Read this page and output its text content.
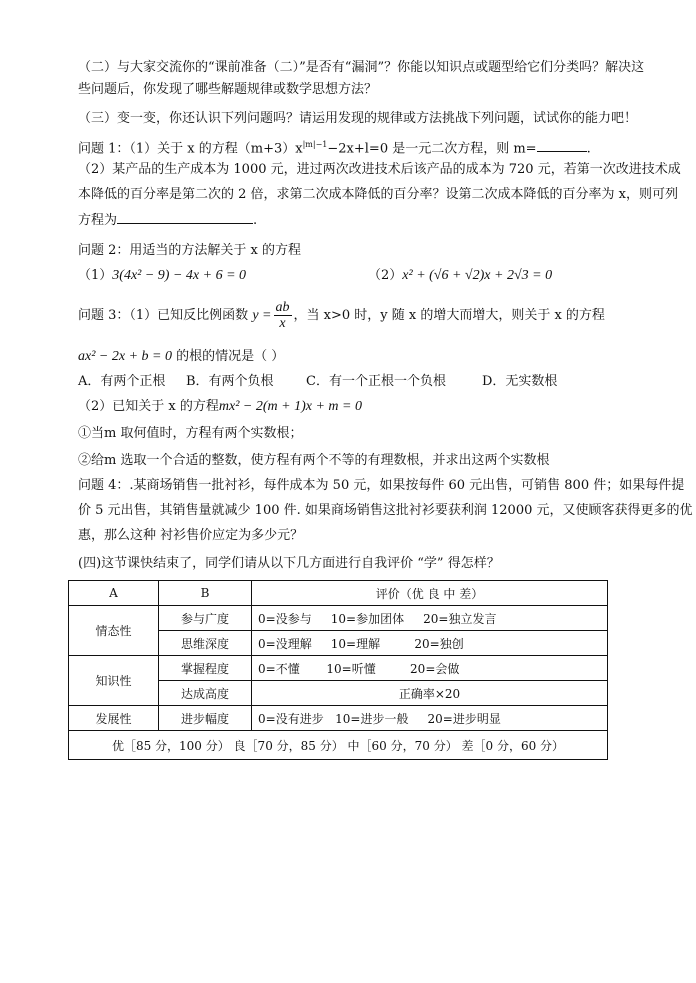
（二）与大家交流你的“课前准备（二）”是否有“漏洞”？你能以知识点或题型给它们分类吗？解决这
些问题后，你发现了哪些解题规律或数学思想方法？
（三）变一变，你还认识下列问题吗？请运用发现的规律或方法挑战下列问题，试试你的能力吧！
问题 1：（1）关于 x 的方程$(m+3)x^{|m|-1}-2x+l=0$ 是一元二次方程，则 m=	.
（2）某产品的生产成本为 1000 元，进过两次改进技术后该产品的成本为 720 元，若第一次改进技术成
本降低的百分率是第二次的 2 倍，求第二次成本降低的百分率？设第二次成本降低的百分率为 x，则可列
方程为	.
问题 2：用适当的方法解关于 x 的方程
（1）3(4x² − 9) − 4x + 6 = 0	（2）x² + (√6 + √2)x + 2√3 = 0
问题 3：（1）已知反比例函数 $y = \frac{ab}{x}$ ，当 x>0 时，y 随 x 的增大而增大，则关于 x 的方程
ax² − 2x + b = 0 的根的情况是（ ）
A．有两个正根 B．有两个负根 C．有一个正根一个负根	D．无实数根
（2）已知关于 x 的方程mx² − 2(m + 1)x + m = 0
①当m 取何值时，方程有两个实数根；
②给m 选取一个合适的整数，使方程有两个不等的有理数根，并求出这两个实数根
问题 4：.某商场销售一批衬衫，每件成本为 50 元，如果按每件 60 元出售，可销售 800 件；如果每件提
价 5 元出售，其销售量就减少 100 件. 如果商场销售这批衬衫要获利润 12000 元，又使顾客获得更多的优
惠，那么这种 衬衫售价应定为多少元？
(四)这节课快结束了，同学们请从以下几方面进行自我评价 “学” 得怎样？
A	B	评价（优 良 中 差）
情态性	参与广度	0=没参与     10=参加团体     20=独立发言
	思维深度	0=没理解     10=理解         20=独创
知识性	掌握程度	0=不懂       10=听懂         20=会做
	达成高度	正确率×20
发展性	进步幅度	0=没有进步   10=进步一般     20=进步明显
优［85 分，100 分） 良［70 分，85 分） 中［60 分，70 分） 差［0 分，60 分）		
